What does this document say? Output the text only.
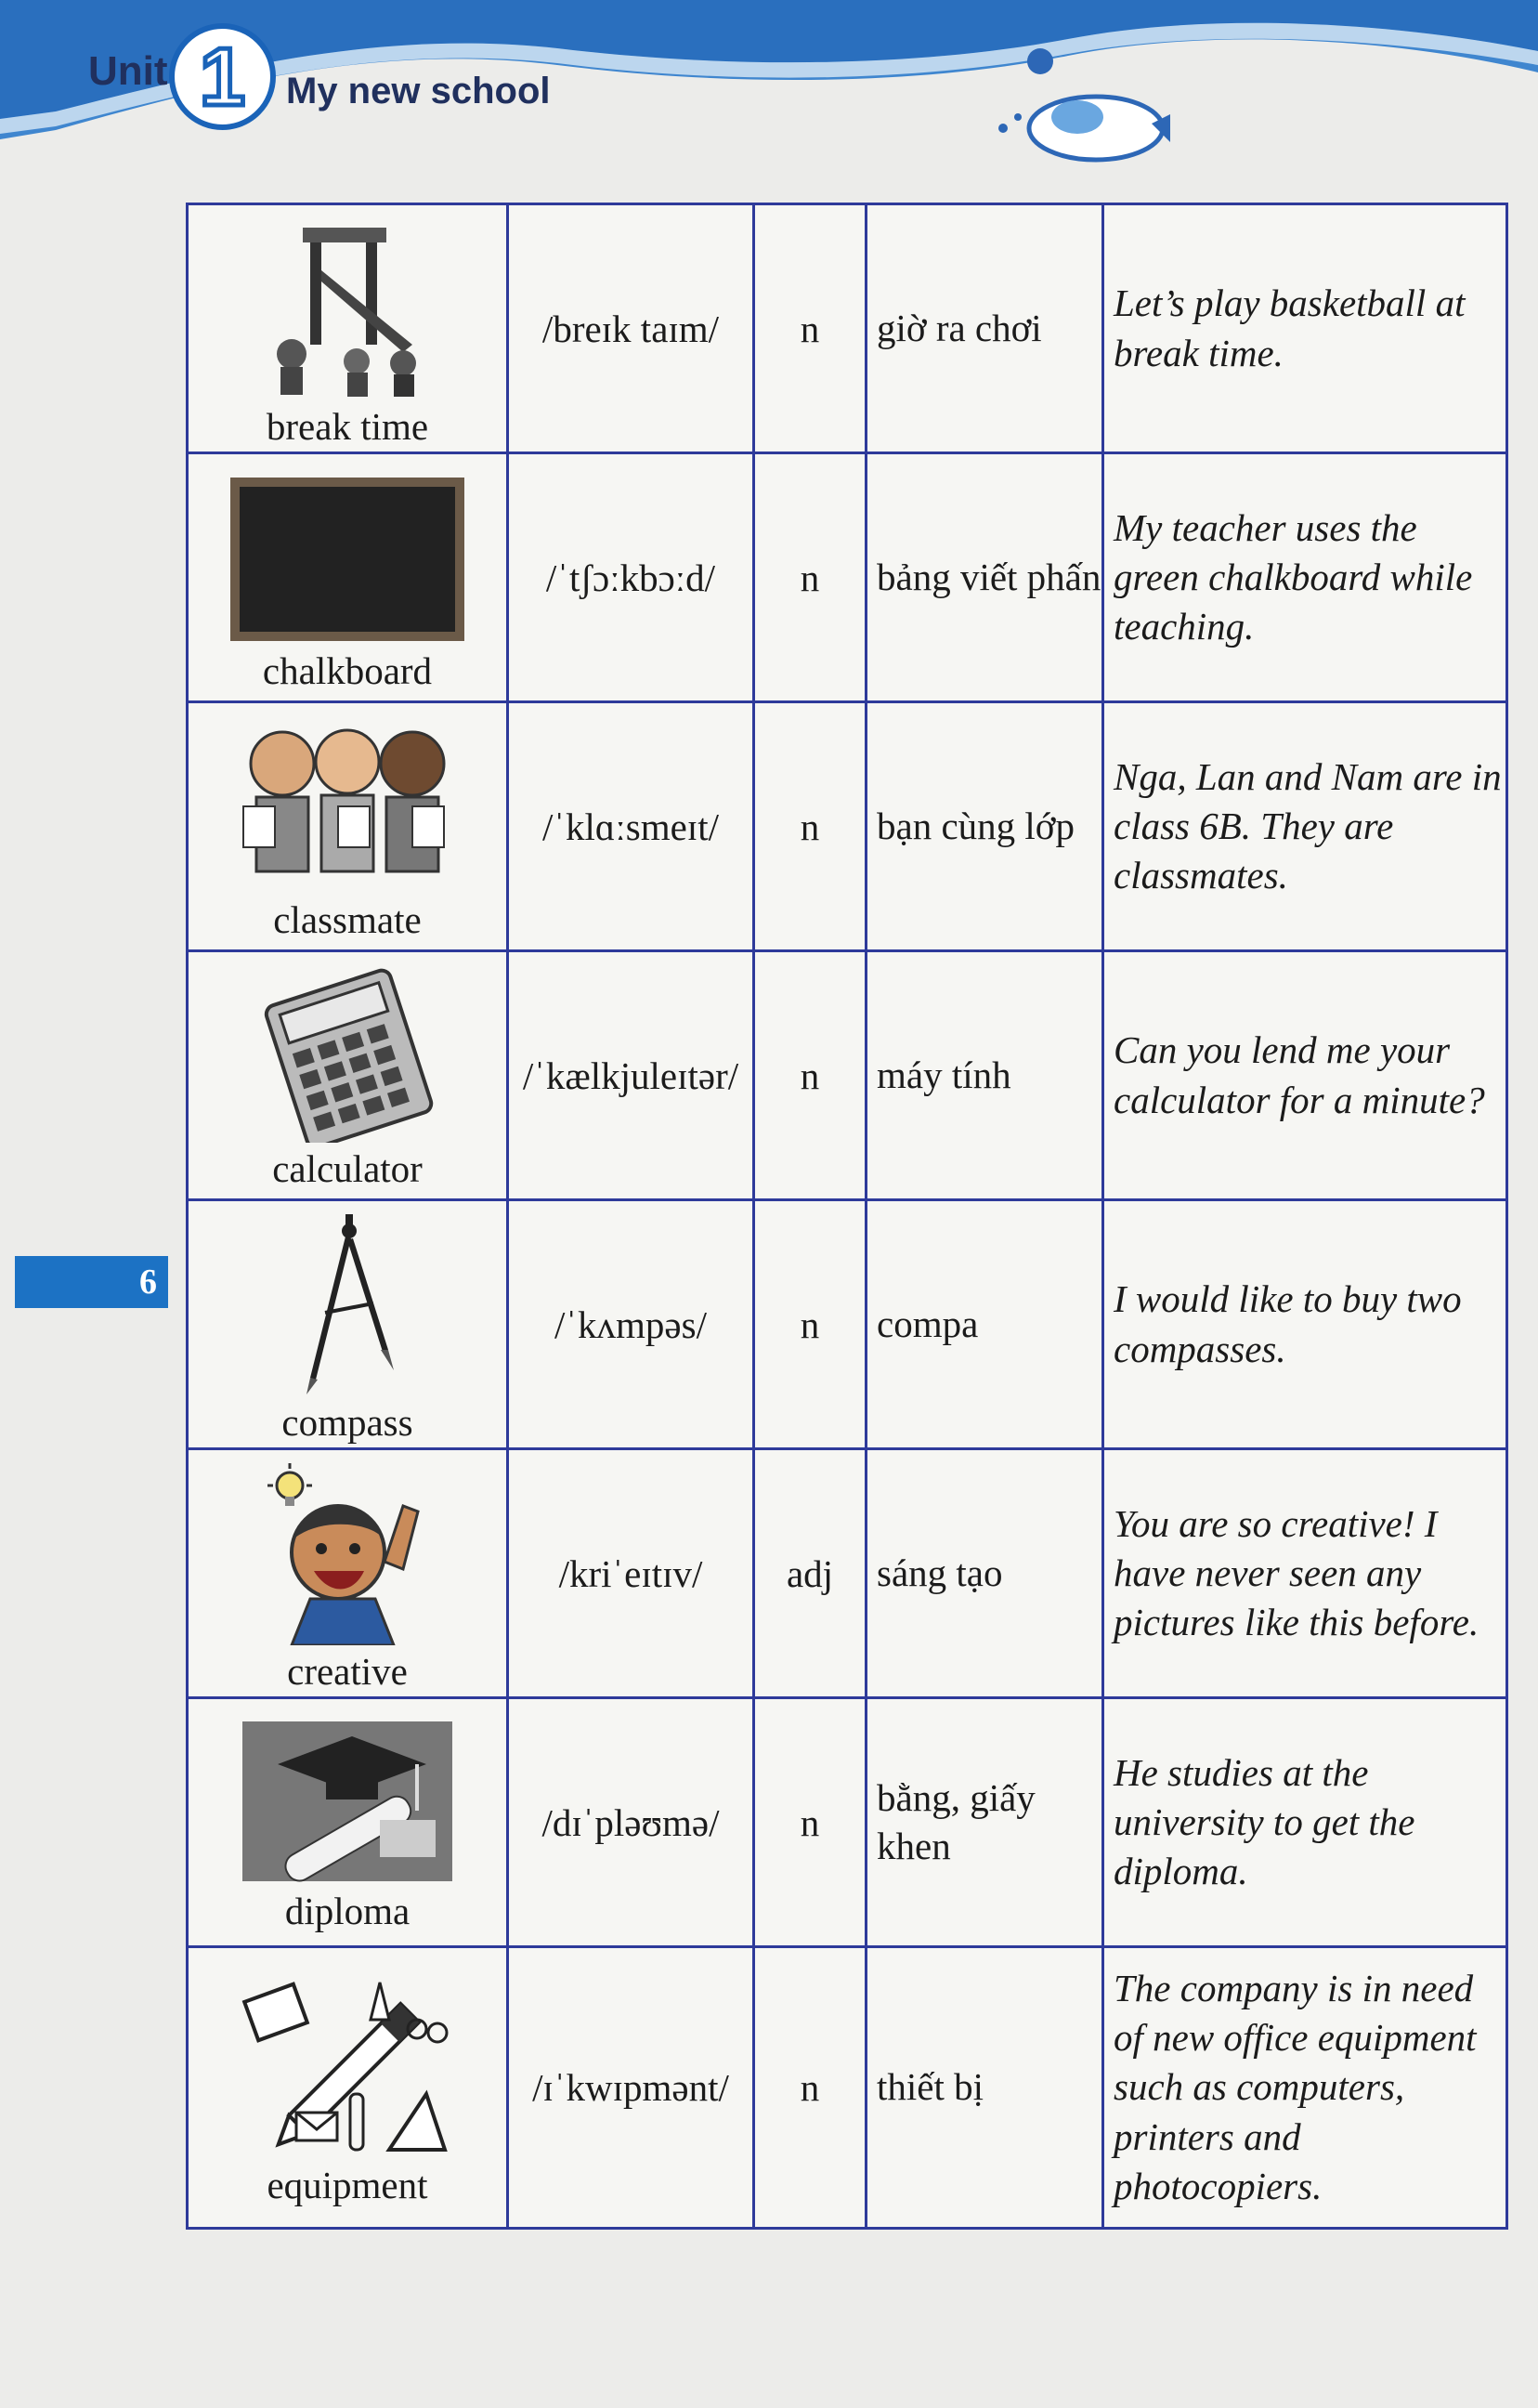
Unit 1 My new school
6
break time	/breɪk taɪm/	n	giờ ra chơi	Let’s play basketball at break time.

chalkboard	/ˈtʃɔːkbɔːd/	n	bảng viết phấn	My teacher uses the green chalkboard while teaching.

classmate	/ˈklɑːsmeɪt/	n	bạn cùng lớp	Nga, Lan and Nam are in class 6B. They are classmates.

calculator	/ˈkælkjuleɪtər/	n	máy tính	Can you lend me your calculator for a minute?

compass	/ˈkʌmpəs/	n	compa	I would like to buy two compasses.

creative	/kriˈeɪtɪv/	adj	sáng tạo	You are so creative! I have never seen any pictures like this before.

diploma	/dɪˈpləʊmə/	n	bằng, giấy khen	He studies at the university to get the diploma.

equipment	/ɪˈkwɪpmənt/	n	thiết bị	The company is in need of new office equipment such as computers, printers and photocopiers.
